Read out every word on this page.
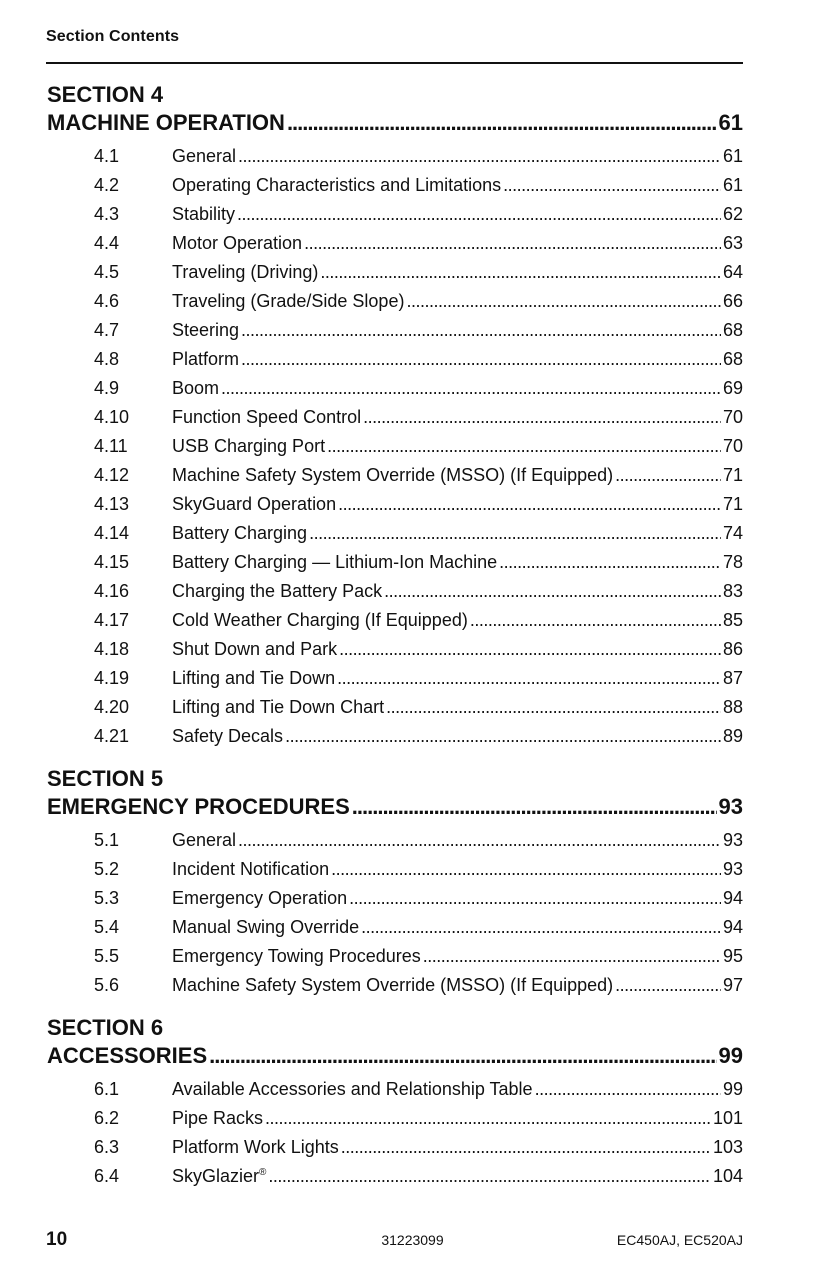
Section Contents
SECTION 4
MACHINE OPERATION .....	61
4.1	General .....	61
4.2	Operating Characteristics and Limitations .....	61
4.3	Stability .....	62
4.4	Motor Operation .....	63
4.5	Traveling (Driving) .....	64
4.6	Traveling (Grade/Side Slope) .....	66
4.7	Steering .....	68
4.8	Platform .....	68
4.9	Boom .....	69
4.10	Function Speed Control .....	70
4.11	USB Charging Port .....	70
4.12	Machine Safety System Override (MSSO) (If Equipped) .....	71
4.13	SkyGuard Operation .....	71
4.14	Battery Charging .....	74
4.15	Battery Charging — Lithium-Ion Machine .....	78
4.16	Charging the Battery Pack .....	83
4.17	Cold Weather Charging (If Equipped) .....	85
4.18	Shut Down and Park .....	86
4.19	Lifting and Tie Down .....	87
4.20	Lifting and Tie Down Chart .....	88
4.21	Safety Decals .....	89
SECTION 5
EMERGENCY PROCEDURES .....	93
5.1	General .....	93
5.2	Incident Notification .....	93
5.3	Emergency Operation .....	94
5.4	Manual Swing Override .....	94
5.5	Emergency Towing Procedures .....	95
5.6	Machine Safety System Override (MSSO) (If Equipped) .....	97
SECTION 6
ACCESSORIES .....	99
6.1	Available Accessories and Relationship Table .....	99
6.2	Pipe Racks .....	101
6.3	Platform Work Lights .....	103
6.4	SkyGlazier® .....	104
10	31223099	EC450AJ, EC520AJ
